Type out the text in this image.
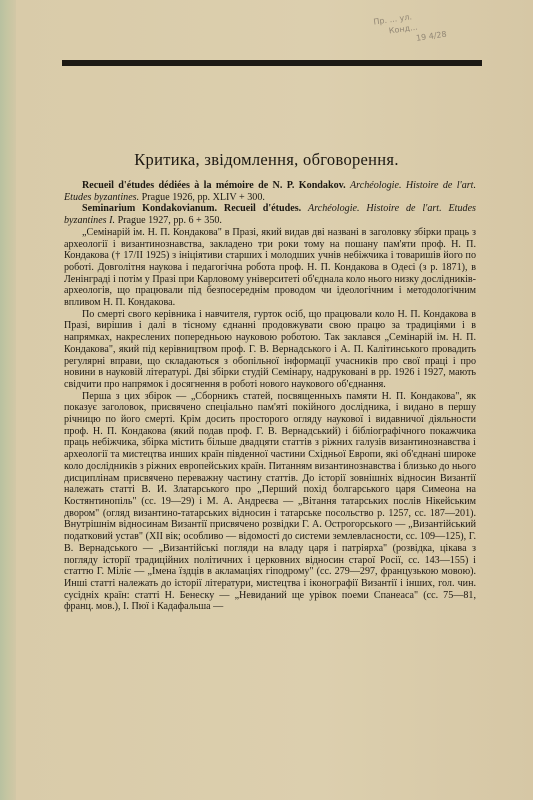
Пр. ... ул.
Конд...
19 4/28
Критика, звідомлення, обговорення.

Recueil d'études dédiées à la mémoire de N. P. Kondakov. Archéologie. Histoire de l'art. Etudes byzantines. Prague 1926, pp. XLIV + 300.

Seminarium Kondakovianum. Recueil d'études. Archéologie. Histoire de l'art. Etudes byzantines I. Prague 1927, pp. 6 + 350.

„Семінарій ім. Н. П. Кондакова" в Празі, який видав дві названі в заголовку збірки праць з археології і византинознавства, закладено три роки тому на пошану пам'яти проф. Н. П. Кондакова († 17/II 1925) з ініціятиви старших і молодших учнів небіжчика і товаришів його по роботі. Довголітня наукова і педагогічна робота проф. Н. П. Кондакова в Одесі (з р. 1871), в Ленінграді і потім у Празі при Карловому університеті об'єднала коло нього низку дослідників-археологів, що працювали під безпосереднім проводом чи ідеологічним і методологічним впливом Н. П. Кондакова.

По смерті свого керівника і навчителя, гурток осіб, що працювали коло Н. П. Кондакова в Празі, вирішив і далі в тісному єднанні продовжувати свою працю за традиціями і в напрямках, накреслених попередньою науковою роботою. Так заклався „Семінарій ім. Н. П. Кондакова", який під керівництвом проф. Г. В. Вернадського і А. П. Калітинського провадить регулярні вправи, що складаються з обопільної інформації учасників про свої праці і про новини в науковій літературі. Дві збірки студій Семінару, надруковані в рр. 1926 і 1927, мають свідчити про напрямок і досягнення в роботі нового наукового об'єднання.

Перша з цих збірок — „Сборникъ статей, посвященныхъ памяти Н. П. Кондакова", як показує заголовок, присвячено спеціально пам'яті покійного дослідника, і видано в першу річницю по його смерті. Крім досить просторого огляду наукової і видавничої діяльности проф. Н. П. Кондакова (який подав проф. Г. В. Вернадський) і бібліографічного покажчика праць небіжчика, збірка містить більше двадцяти статтів з ріжних галузів византинознавства і археології та мистецтва инших країн південної частини Східньої Европи, які об'єднані широке коло дослідників з ріжних европейських країн. Питанням византинознавства і близько до нього дисциплінам присвячено переважну частину статтів. До історії зовнішніх відносин Византії належать статті В. И. Златарського про „Перший похід болгарського царя Симеона на Костянтинопіль" (сс. 19—29) і М. А. Андреєва — „Вітання татарських послів Нікейським двором" (огляд византино-татарських відносин і татарське посольство р. 1257, сс. 187—201). Внутрішнім відносинам Византії присвячено розвідки Г. А. Острогорського — „Византійський податковий устав" (XII вік; особливо — відомості до системи землевласности, сс. 109—125), Г. В. Вернадського — „Византійські погляди на владу царя і патріярха" (розвідка, цікава з погляду історії традиційних політичних і церковних відносин старої Росії, сс. 143—155) і статтю Г. Міліє — „Імена їздців в акламаціях гіподрому" (сс. 279—297, французькою мовою). Инші статті належать до історії літератури, мистецтва і іконографії Византії і інших, гол. чин. сусідніх країн: статті Н. Бенеску — „Невиданий ще урівок поеми Спанеаса" (сс. 75—81, франц. мов.), І. Пюї і Кадафальша —
